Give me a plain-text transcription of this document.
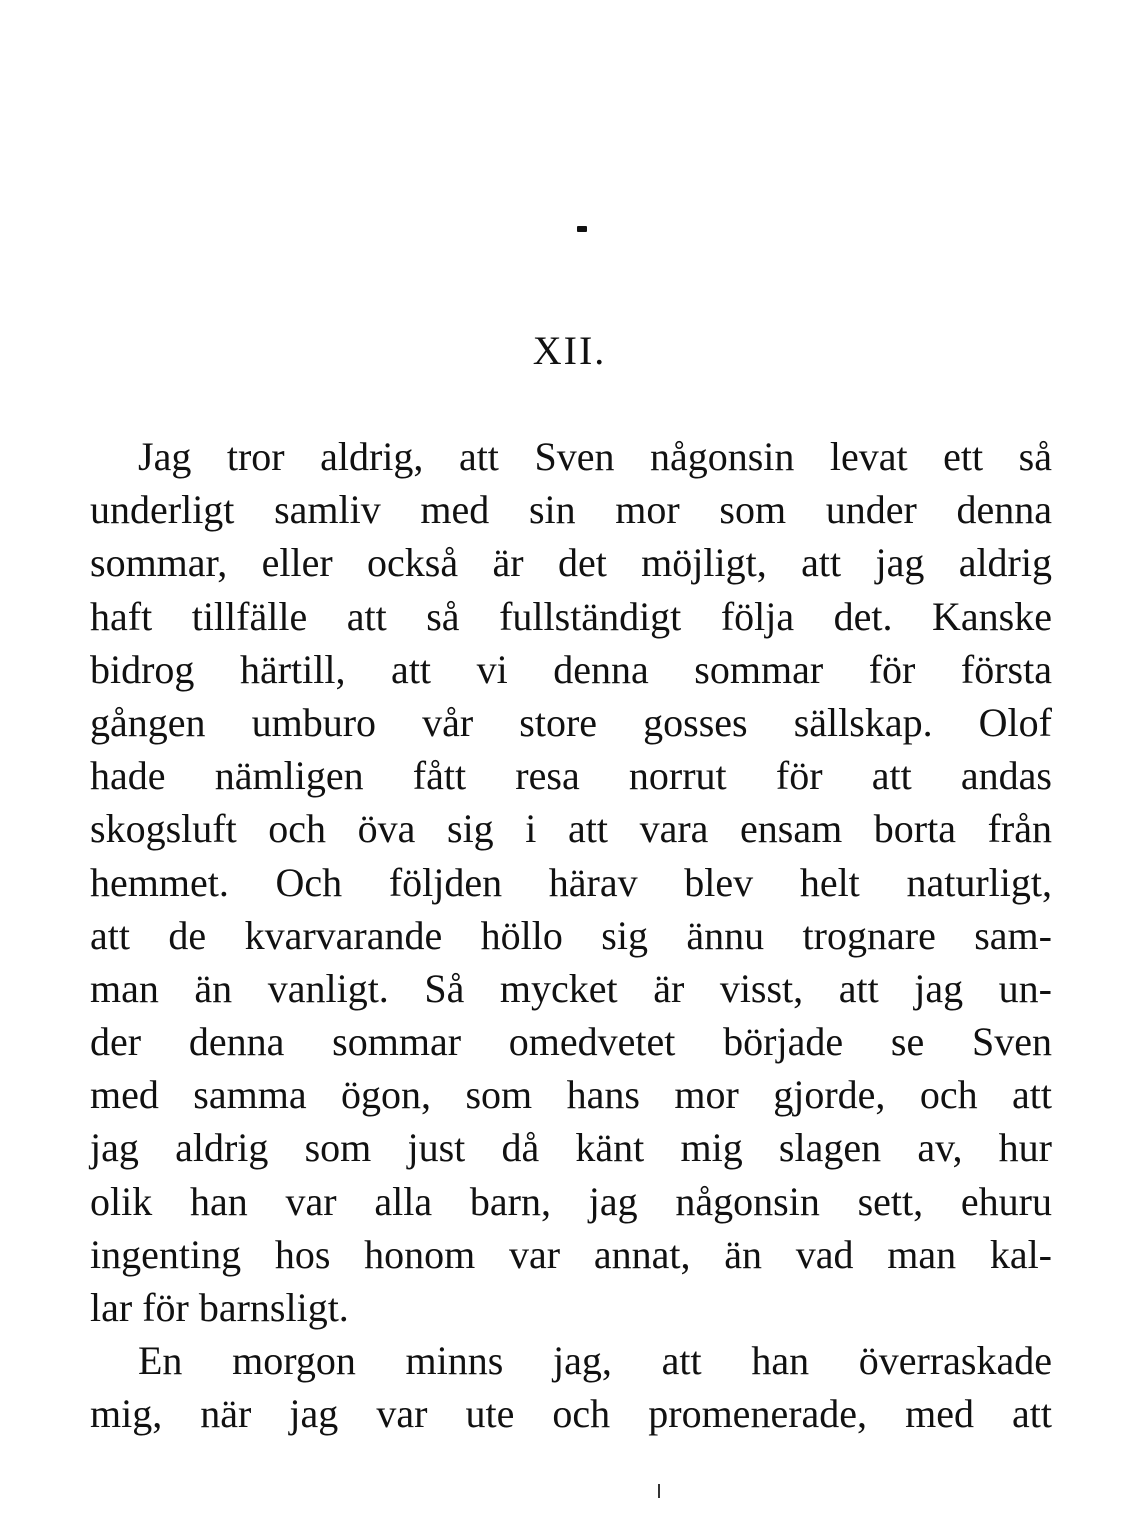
XII.
Jag tror aldrig, att Sven någonsin levat ett så
underligt samliv med sin mor som under denna
sommar, eller också är det möjligt, att jag aldrig
haft tillfälle att så fullständigt följa det. Kanske
bidrog härtill, att vi denna sommar för första
gången umburo vår store gosses sällskap. Olof
hade nämligen fått resa norrut för att andas
skogsluft och öva sig i att vara ensam borta från
hemmet. Och följden härav blev helt naturligt,
att de kvarvarande höllo sig ännu trognare sam-
man än vanligt. Så mycket är visst, att jag un-
der denna sommar omedvetet började se Sven
med samma ögon, som hans mor gjorde, och att
jag aldrig som just då känt mig slagen av, hur
olik han var alla barn, jag någonsin sett, ehuru
ingenting hos honom var annat, än vad man kal-
lar för barnsligt.
En morgon minns jag, att han överraskade
mig, när jag var ute och promenerade, med att
